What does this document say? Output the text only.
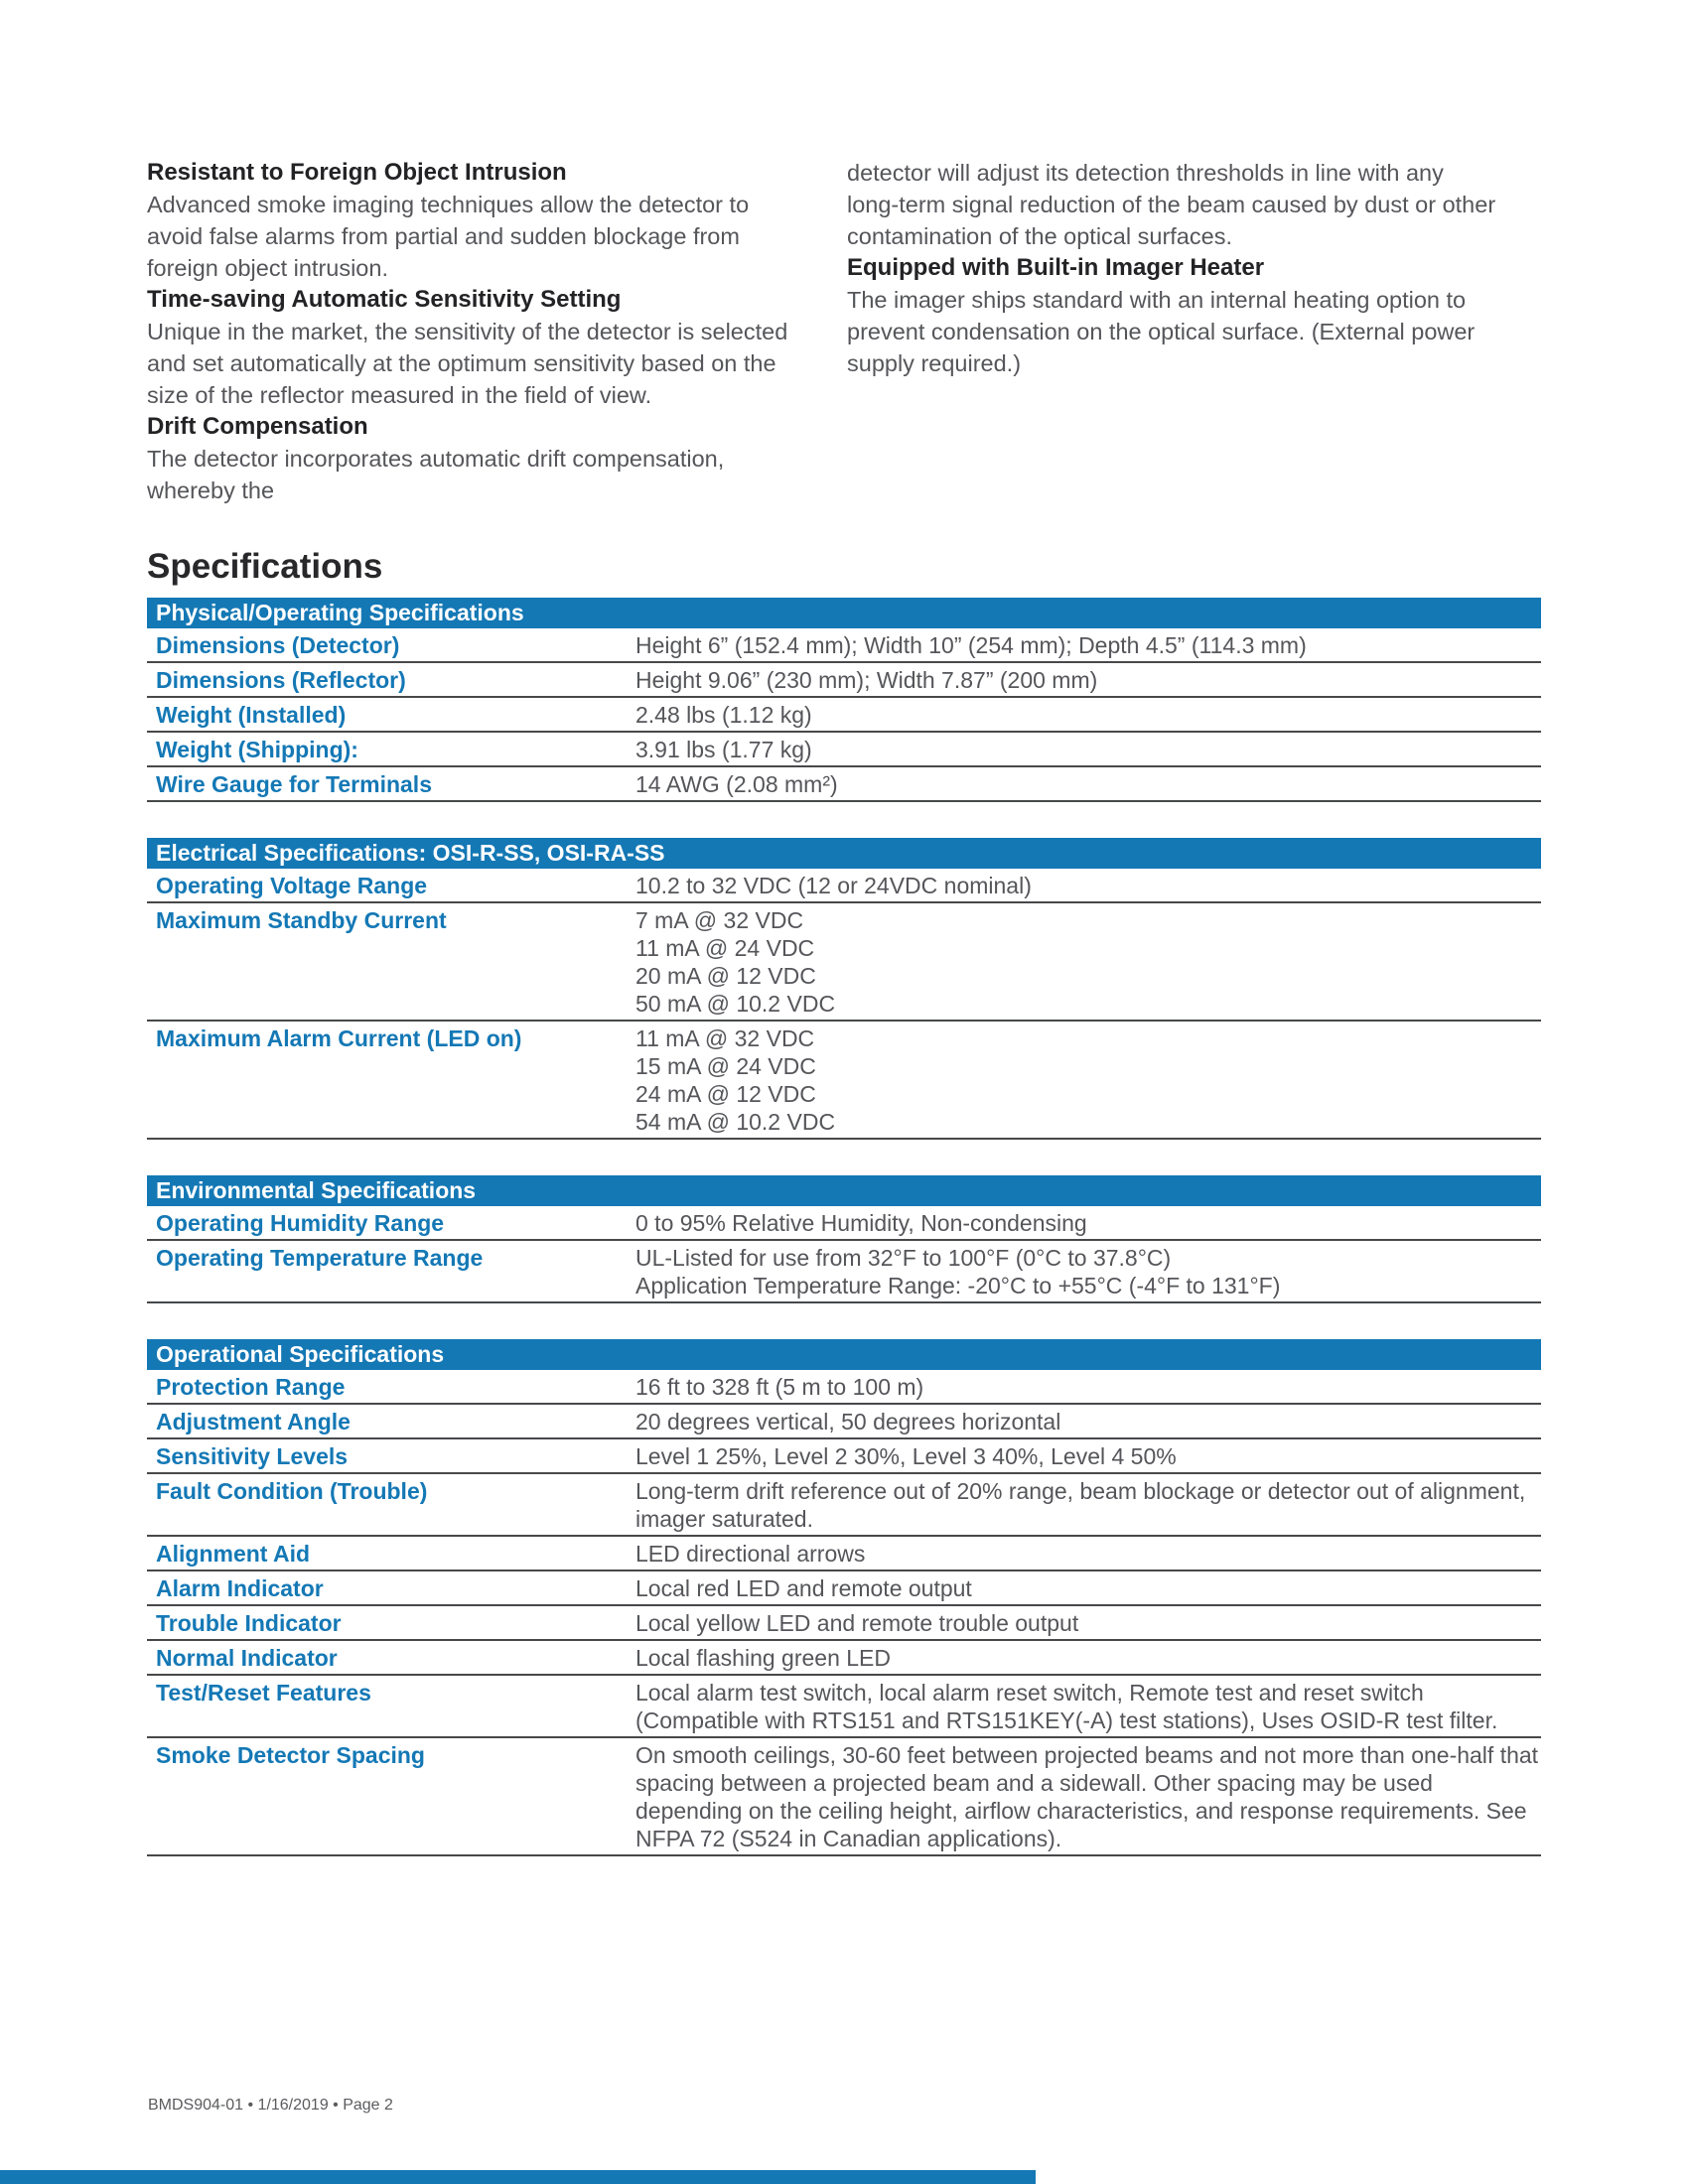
Resistant to Foreign Object Intrusion
Advanced smoke imaging techniques allow the detector to avoid false alarms from partial and sudden blockage from foreign object intrusion.
Time-saving Automatic Sensitivity Setting
Unique in the market, the sensitivity of the detector is selected and set automatically at the optimum sensitivity based on the size of the reflector measured in the field of view.
Drift Compensation
The detector incorporates automatic drift compensation, whereby the
detector will adjust its detection thresholds in line with any long-term signal reduction of the beam caused by dust or other contamination of the optical surfaces.
Equipped with Built-in Imager Heater
The imager ships standard with an internal heating option to prevent condensation on the optical surface. (External power supply required.)
Specifications
Physical/Operating Specifications
Dimensions (Detector)	Height 6” (152.4 mm); Width 10” (254 mm); Depth 4.5” (114.3 mm)
Dimensions (Reflector)	Height 9.06” (230 mm); Width 7.87” (200 mm)
Weight (Installed)	2.48 lbs (1.12 kg)
Weight (Shipping):	3.91 lbs (1.77 kg)
Wire Gauge for Terminals	14 AWG (2.08 mm²)
Electrical Specifications: OSI-R-SS, OSI-RA-SS
Operating Voltage Range	10.2 to 32 VDC (12 or 24VDC nominal)
Maximum Standby Current	7 mA @ 32 VDC
11 mA @ 24 VDC
20 mA @ 12 VDC
50 mA @ 10.2 VDC
Maximum Alarm Current (LED on)	11 mA @ 32 VDC
15 mA @ 24 VDC
24 mA @ 12 VDC
54 mA @ 10.2 VDC
Environmental Specifications
Operating Humidity Range	0 to 95% Relative Humidity, Non-condensing
Operating Temperature Range	UL-Listed for use from 32°F to 100°F (0°C to 37.8°C)
Application Temperature Range: -20°C to +55°C (-4°F to 131°F)
Operational Specifications
Protection Range	16 ft to 328 ft (5 m to 100 m)
Adjustment Angle	20 degrees vertical, 50 degrees horizontal
Sensitivity Levels	Level 1 25%, Level 2 30%, Level 3 40%, Level 4 50%
Fault Condition (Trouble)	Long-term drift reference out of 20% range, beam blockage or detector out of alignment, imager saturated.
Alignment Aid	LED directional arrows
Alarm Indicator	Local red LED and remote output
Trouble Indicator	Local yellow LED and remote trouble output
Normal Indicator	Local flashing green LED
Test/Reset Features	Local alarm test switch, local alarm reset switch, Remote test and reset switch (Compatible with RTS151 and RTS151KEY(-A) test stations), Uses OSID-R test filter.
Smoke Detector Spacing	On smooth ceilings, 30-60 feet between projected beams and not more than one-half that spacing between a projected beam and a sidewall. Other spacing may be used depending on the ceiling height, airflow characteristics, and response requirements. See NFPA 72 (S524 in Canadian applications).
BMDS904-01 • 1/16/2019 • Page 2
